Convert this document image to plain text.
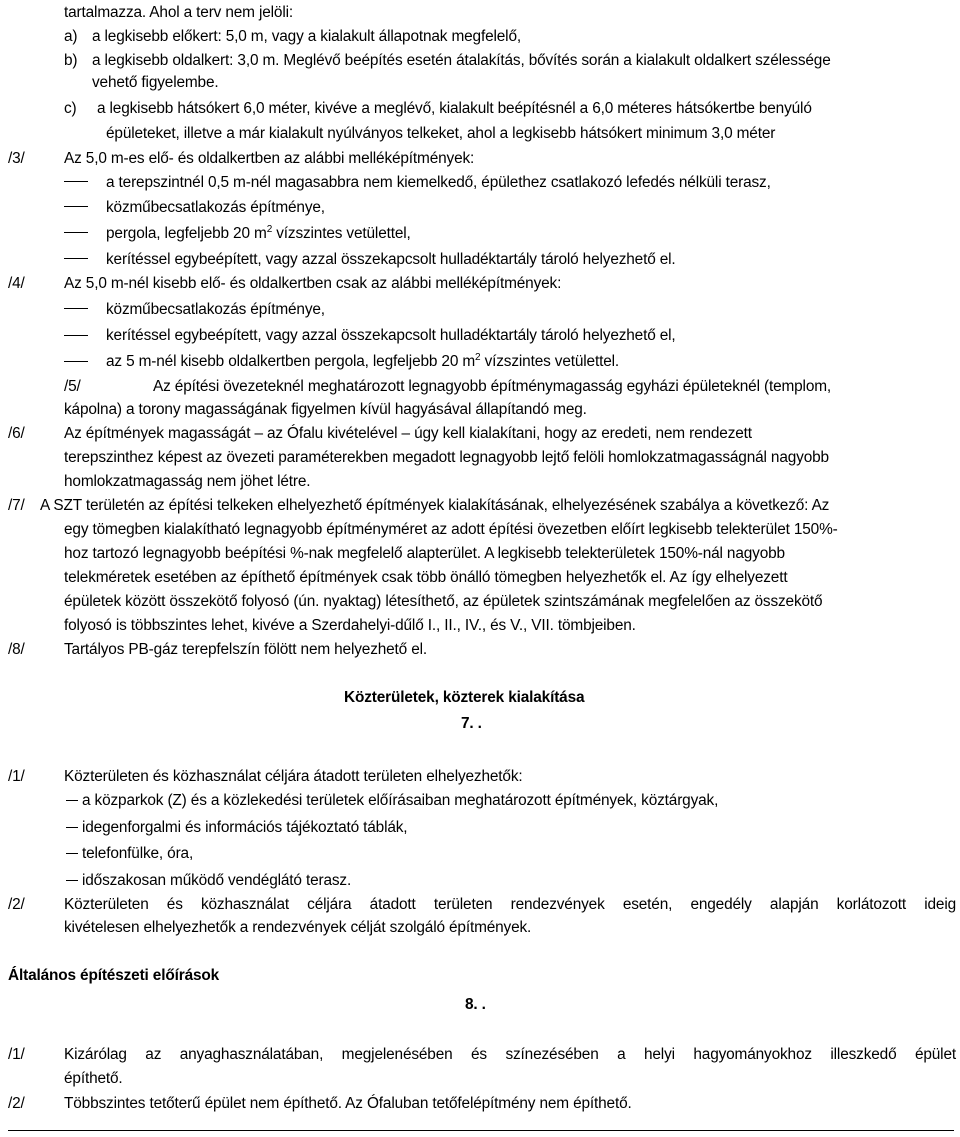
tartalmazza. Ahol a terv nem jelöli:
a) a legkisebb előkert: 5,0 m, vagy a kialakult állapotnak megfelelő,
b) a legkisebb oldalkert: 3,0 m. Meglévő beépítés esetén átalakítás, bővítés során a kialakult oldalkert szélessége
vehető figyelembe.
c) a legkisebb hátsókert 6,0 méter, kivéve a meglévő, kialakult beépítésnél a 6,0 méteres hátsókertbe benyúló
épületeket, illetve a már kialakult nyúlványos telkeket, ahol a legkisebb hátsókert minimum 3,0 méter
/3/	Az 5,0 m-es elő- és oldalkertben az alábbi melléképítmények:
a terepszintnél 0,5 m-nél magasabbra nem kiemelkedő, épülethez csatlakozó lefedés nélküli terasz,
közműbecsatlakozás építménye,
pergola, legfeljebb 20 $m^2$ vízszintes vetülettel,
kerítéssel egybeépített, vagy azzal összekapcsolt hulladéktartály tároló helyezhető el.
/4/	Az 5,0 m-nél kisebb elő- és oldalkertben csak az alábbi melléképítmények:
közműbecsatlakozás építménye,
kerítéssel egybeépített, vagy azzal összekapcsolt hulladéktartály tároló helyezhető el,
az 5 m-nél kisebb oldalkertben pergola, legfeljebb 20 $m^2$ vízszintes vetülettel.
/5/	Az építési övezeteknél meghatározott legnagyobb építménymagasság egyházi épületeknél (templom,
kápolna) a torony magasságának figyelmen kívül hagyásával állapítandó meg.
/6/	Az építmények magasságát – az Ófalu kivételével – úgy kell kialakítani, hogy az eredeti, nem rendezett
terepszinthez képest az övezeti paraméterekben megadott legnagyobb lejtő felöli homlokzatmagasságnál nagyobb
homlokzatmagasság nem jöhet létre.
/7/ A SZT területén az építési telkeken elhelyezhető építmények kialakításának, elhelyezésének szabálya a következő: Az
egy tömegben kialakítható legnagyobb építményméret az adott építési övezetben előírt legkisebb telekterület 150%-
hoz tartozó legnagyobb beépítési %-nak megfelelő alapterület. A legkisebb telekterületek 150%-nál nagyobb
telekméretek esetében az építhető építmények csak több önálló tömegben helyezhetők el. Az így elhelyezett
épületek között összekötő folyosó (ún. nyaktag) létesíthető, az épületek szintszámának megfelelően az összekötő
folyosó is többszintes lehet, kivéve a Szerdahelyi-dűlő I., II., IV., és V., VII. tömbjeiben.
/8/	Tartályos PB-gáz terepfelszín fölött nem helyezhető el.
Közterületek, közterek kialakítása
7. .
/1/	Közterületen és közhasználat céljára átadott területen elhelyezhetők:
a közparkok (Z) és a közlekedési területek előírásaiban meghatározott építmények, köztárgyak,
idegenforgalmi és információs tájékoztató táblák,
telefonfülke, óra,
időszakosan működő vendéglátó terasz.
/2/	Közterületen és közhasználat céljára átadott területen rendezvények esetén, engedély alapján korlátozott ideig
kivételesen elhelyezhetők a rendezvények célját szolgáló építmények.
Általános építészeti előírások
8. .
/1/	Kizárólag az anyaghasználatában, megjelenésében és színezésében a helyi hagyományokhoz illeszkedő épület
építhető.
/2/	Többszintes tetőterű épület nem építhető. Az Ófaluban tetőfelépítmény nem építhető.
